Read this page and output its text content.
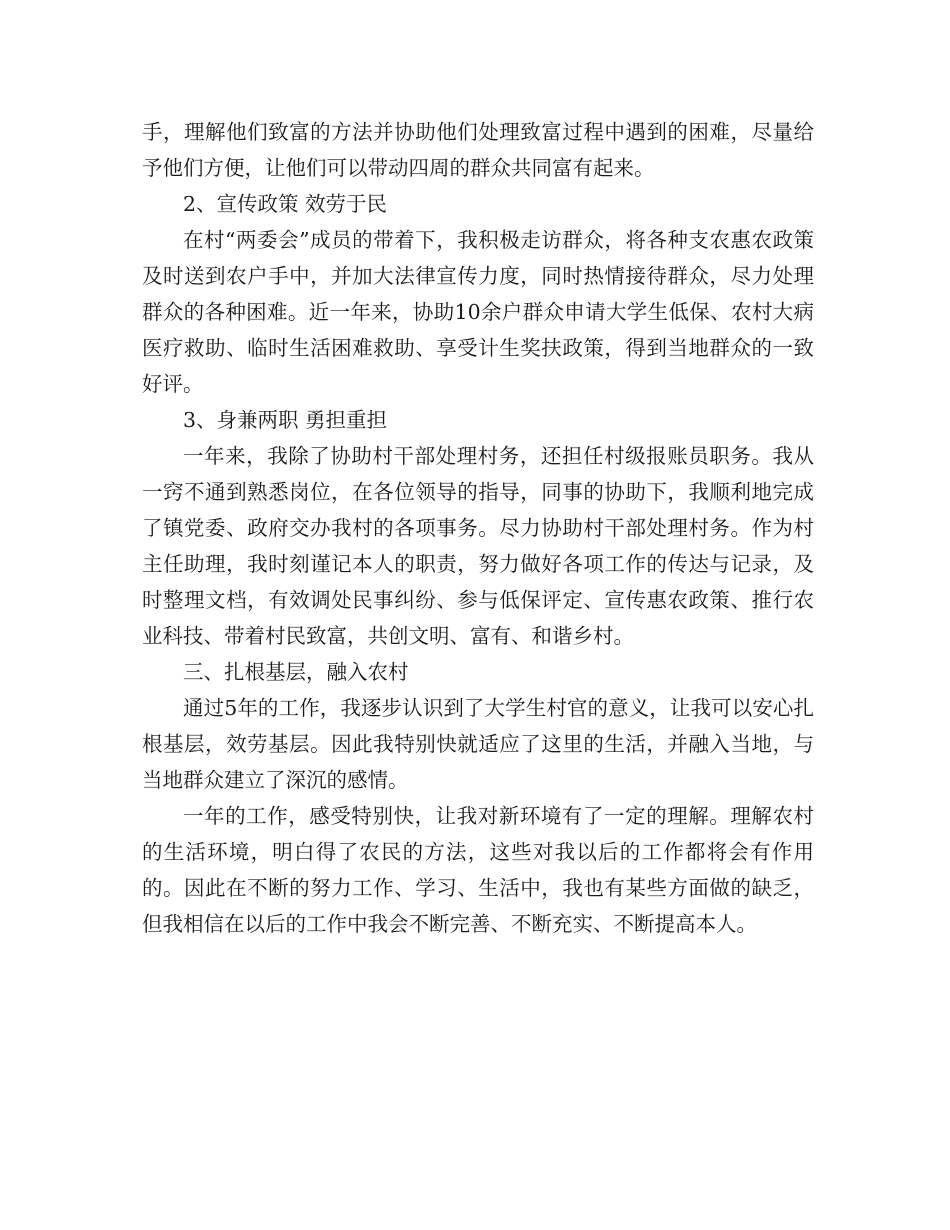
手，理解他们致富的方法并协助他们处理致富过程中遇到的困难，尽量给予他们方便，让他们可以带动四周的群众共同富有起来。

2、宣传政策 效劳于民

在村“两委会”成员的带着下，我积极走访群众，将各种支农惠农政策及时送到农户手中，并加大法律宣传力度，同时热情接待群众，尽力处理群众的各种困难。近一年来，协助10余户群众申请大学生低保、农村大病医疗救助、临时生活困难救助、享受计生奖扶政策，得到当地群众的一致好评。

3、身兼两职 勇担重担

一年来，我除了协助村干部处理村务，还担任村级报账员职务。我从一窍不通到熟悉岗位，在各位领导的指导，同事的协助下，我顺利地完成了镇党委、政府交办我村的各项事务。尽力协助村干部处理村务。作为村主任助理，我时刻谨记本人的职责，努力做好各项工作的传达与记录，及时整理文档，有效调处民事纠纷、参与低保评定、宣传惠农政策、推行农业科技、带着村民致富，共创文明、富有、和谐乡村。

三、扎根基层，融入农村

通过5年的工作，我逐步认识到了大学生村官的意义，让我可以安心扎根基层，效劳基层。因此我特别快就适应了这里的生活，并融入当地，与当地群众建立了深沉的感情。

一年的工作，感受特别快，让我对新环境有了一定的理解。理解农村的生活环境，明白得了农民的方法，这些对我以后的工作都将会有作用的。因此在不断的努力工作、学习、生活中，我也有某些方面做的缺乏，但我相信在以后的工作中我会不断完善、不断充实、不断提高本人。
